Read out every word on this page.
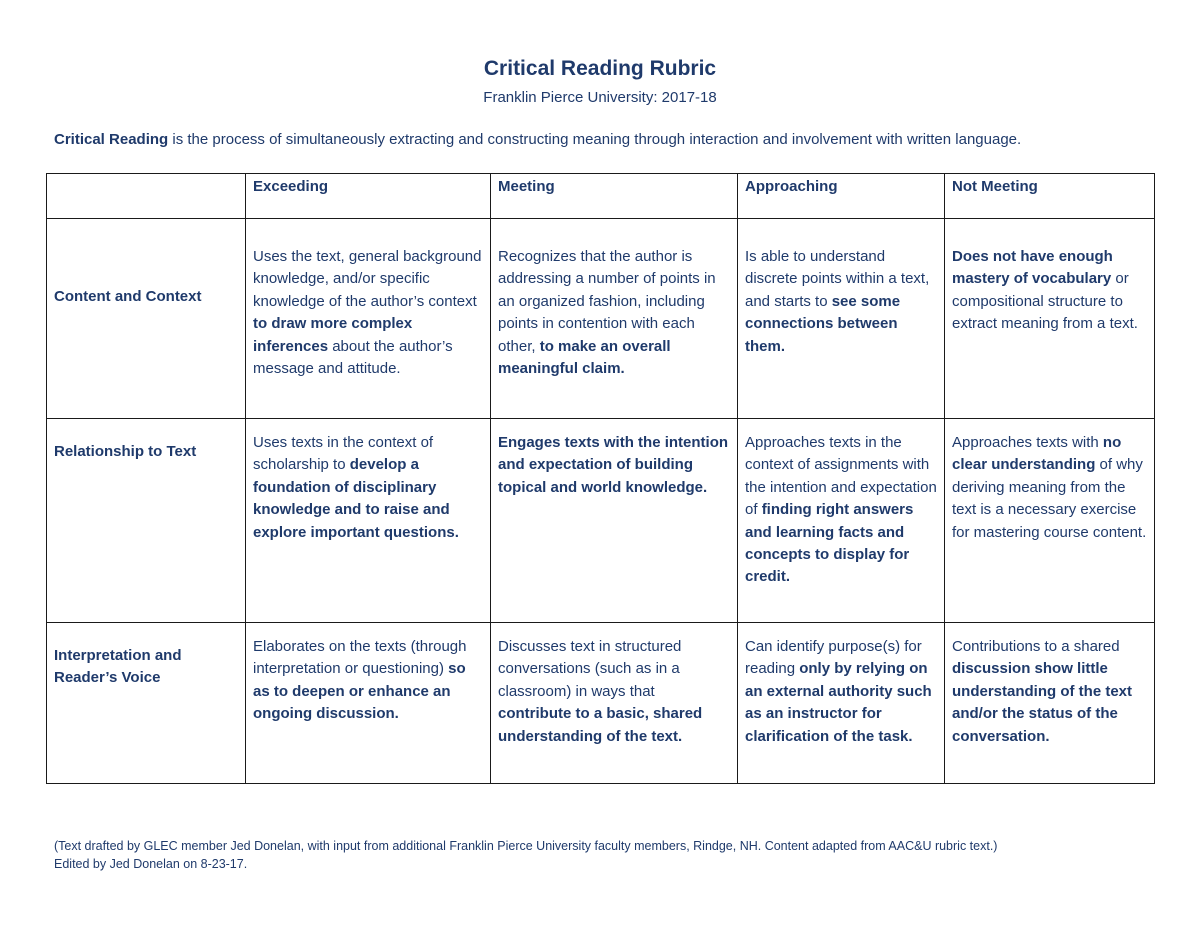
Critical Reading Rubric
Franklin Pierce University: 2017-18
Critical Reading is the process of simultaneously extracting and constructing meaning through interaction and involvement with written language.
	Exceeding	Meeting	Approaching	Not Meeting
Content and Context	Uses the text, general background knowledge, and/or specific knowledge of the author’s context to draw more complex inferences about the author’s message and attitude.	Recognizes that the author is addressing a number of points in an organized fashion, including points in contention with each other, to make an overall meaningful claim.	Is able to understand discrete points within a text, and starts to see some connections between them.	Does not have enough mastery of vocabulary or compositional structure to extract meaning from a text.
Relationship to Text	Uses texts in the context of scholarship to develop a foundation of disciplinary knowledge and to raise and explore important questions.	Engages texts with the intention and expectation of building topical and world knowledge.	Approaches texts in the context of assignments with the intention and expectation of finding right answers and learning facts and concepts to display for credit.	Approaches texts with no clear understanding of why deriving meaning from the text is a necessary exercise for mastering course content.
Interpretation and Reader’s Voice	Elaborates on the texts (through interpretation or questioning) so as to deepen or enhance an ongoing discussion.	Discusses text in structured conversations (such as in a classroom) in ways that contribute to a basic, shared understanding of the text.	Can identify purpose(s) for reading only by relying on an external authority such as an instructor for clarification of the task.	Contributions to a shared discussion show little understanding of the text and/or the status of the conversation.
(Text drafted by GLEC member Jed Donelan, with input from additional Franklin Pierce University faculty members, Rindge, NH. Content adapted from AAC&U rubric text.)
Edited by Jed Donelan on 8-23-17.
